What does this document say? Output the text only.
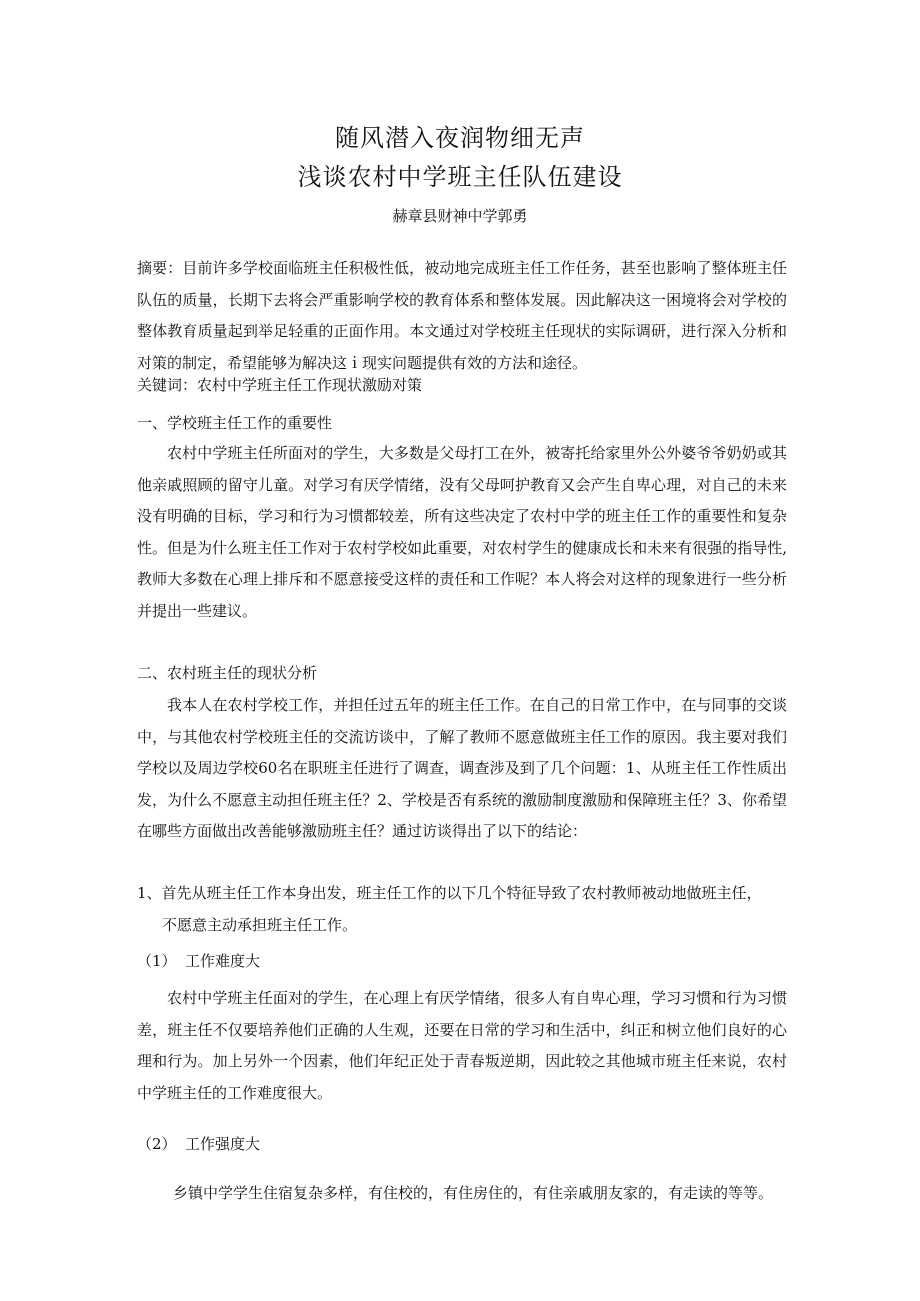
随风潜入夜润物细无声
浅谈农村中学班主任队伍建设
赫章县财神中学郭勇
摘要：目前许多学校面临班主任积极性低，被动地完成班主任工作任务，甚至也影响了整体班主任队伍的质量，长期下去将会严重影响学校的教育体系和整体发展。因此解决这一困境将会对学校的整体教育质量起到举足轻重的正面作用。本文通过对学校班主任现状的实际调研，进行深入分析和对策的制定，希望能够为解决这ｉ现实问题提供有效的方法和途径。
关键词：农村中学班主任工作现状激励对策
一、学校班主任工作的重要性
农村中学班主任所面对的学生，大多数是父母打工在外，被寄托给家里外公外婆爷爷奶奶或其他亲戚照顾的留守儿童。对学习有厌学情绪，没有父母呵护教育又会产生自卑心理，对自己的未来没有明确的目标，学习和行为习惯都较差，所有这些决定了农村中学的班主任工作的重要性和复杂性。但是为什么班主任工作对于农村学校如此重要，对农村学生的健康成长和未来有很强的指导性,教师大多数在心理上排斥和不愿意接受这样的责任和工作呢？本人将会对这样的现象进行一些分析并提出一些建议。
二、农村班主任的现状分析
我本人在农村学校工作，并担任过五年的班主任工作。在自己的日常工作中，在与同事的交谈中，与其他农村学校班主任的交流访谈中，了解了教师不愿意做班主任工作的原因。我主要对我们学校以及周边学校60名在职班主任进行了调查，调查涉及到了几个问题：1、从班主任工作性质出发，为什么不愿意主动担任班主任？2、学校是否有系统的激励制度激励和保障班主任？3、你希望在哪些方面做出改善能够激励班主任？通过访谈得出了以下的结论：
1、首先从班主任工作本身出发，班主任工作的以下几个特征导致了农村教师被动地做班主任，
不愿意主动承担班主任工作。
（1） 工作难度大
农村中学班主任面对的学生，在心理上有厌学情绪，很多人有自卑心理，学习习惯和行为习惯差，班主任不仅要培养他们正确的人生观，还要在日常的学习和生活中，纠正和树立他们良好的心理和行为。加上另外一个因素，他们年纪正处于青春叛逆期，因此较之其他城市班主任来说，农村中学班主任的工作难度很大。
（2） 工作强度大
乡镇中学学生住宿复杂多样，有住校的，有住房住的，有住亲戚朋友家的，有走读的等等。
